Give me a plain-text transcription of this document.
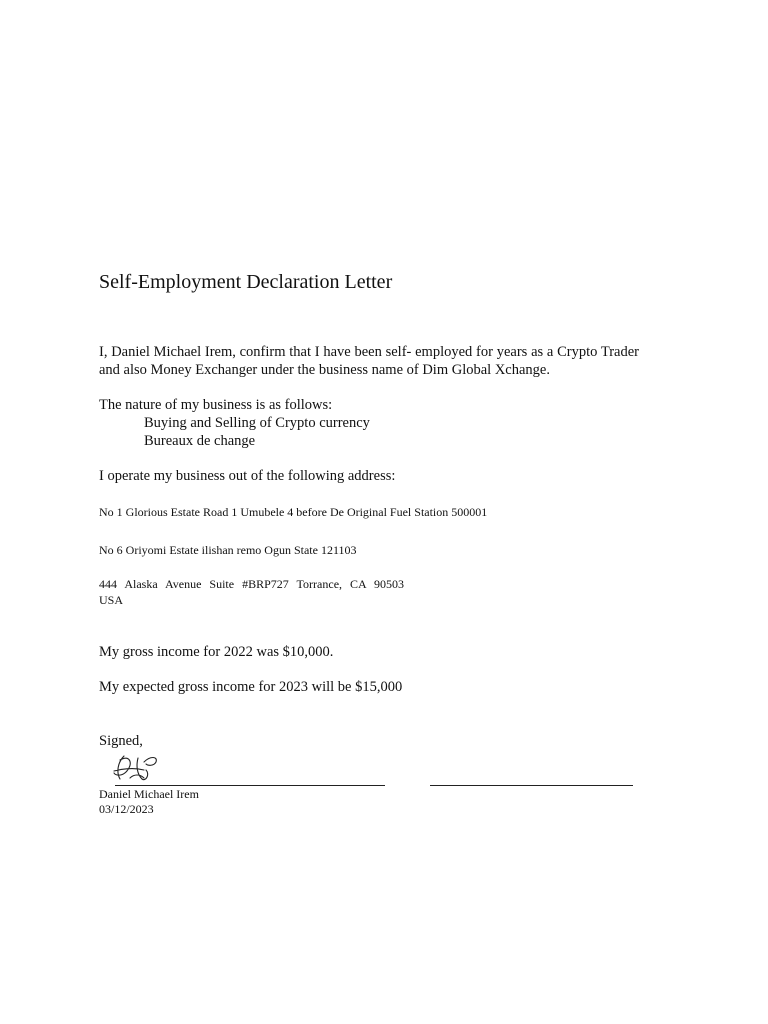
Self-Employment Declaration Letter
I, Daniel Michael Irem, confirm that I have been self- employed for years as a Crypto Trader and also Money Exchanger under the business name of Dim Global Xchange.
The nature of my business is as follows:
Buying and Selling of Crypto currency
Bureaux de change
I operate my business out of the following address:
No 1 Glorious Estate Road 1 Umubele 4 before De Original Fuel Station 500001
No 6 Oriyomi Estate ilishan remo Ogun State 121103
444 Alaska Avenue Suite #BRP727 Torrance, CA 90503
USA
My gross income for 2022 was $10,000.
My expected gross income for 2023 will be $15,000
Signed,
Daniel Michael Irem
03/12/2023
